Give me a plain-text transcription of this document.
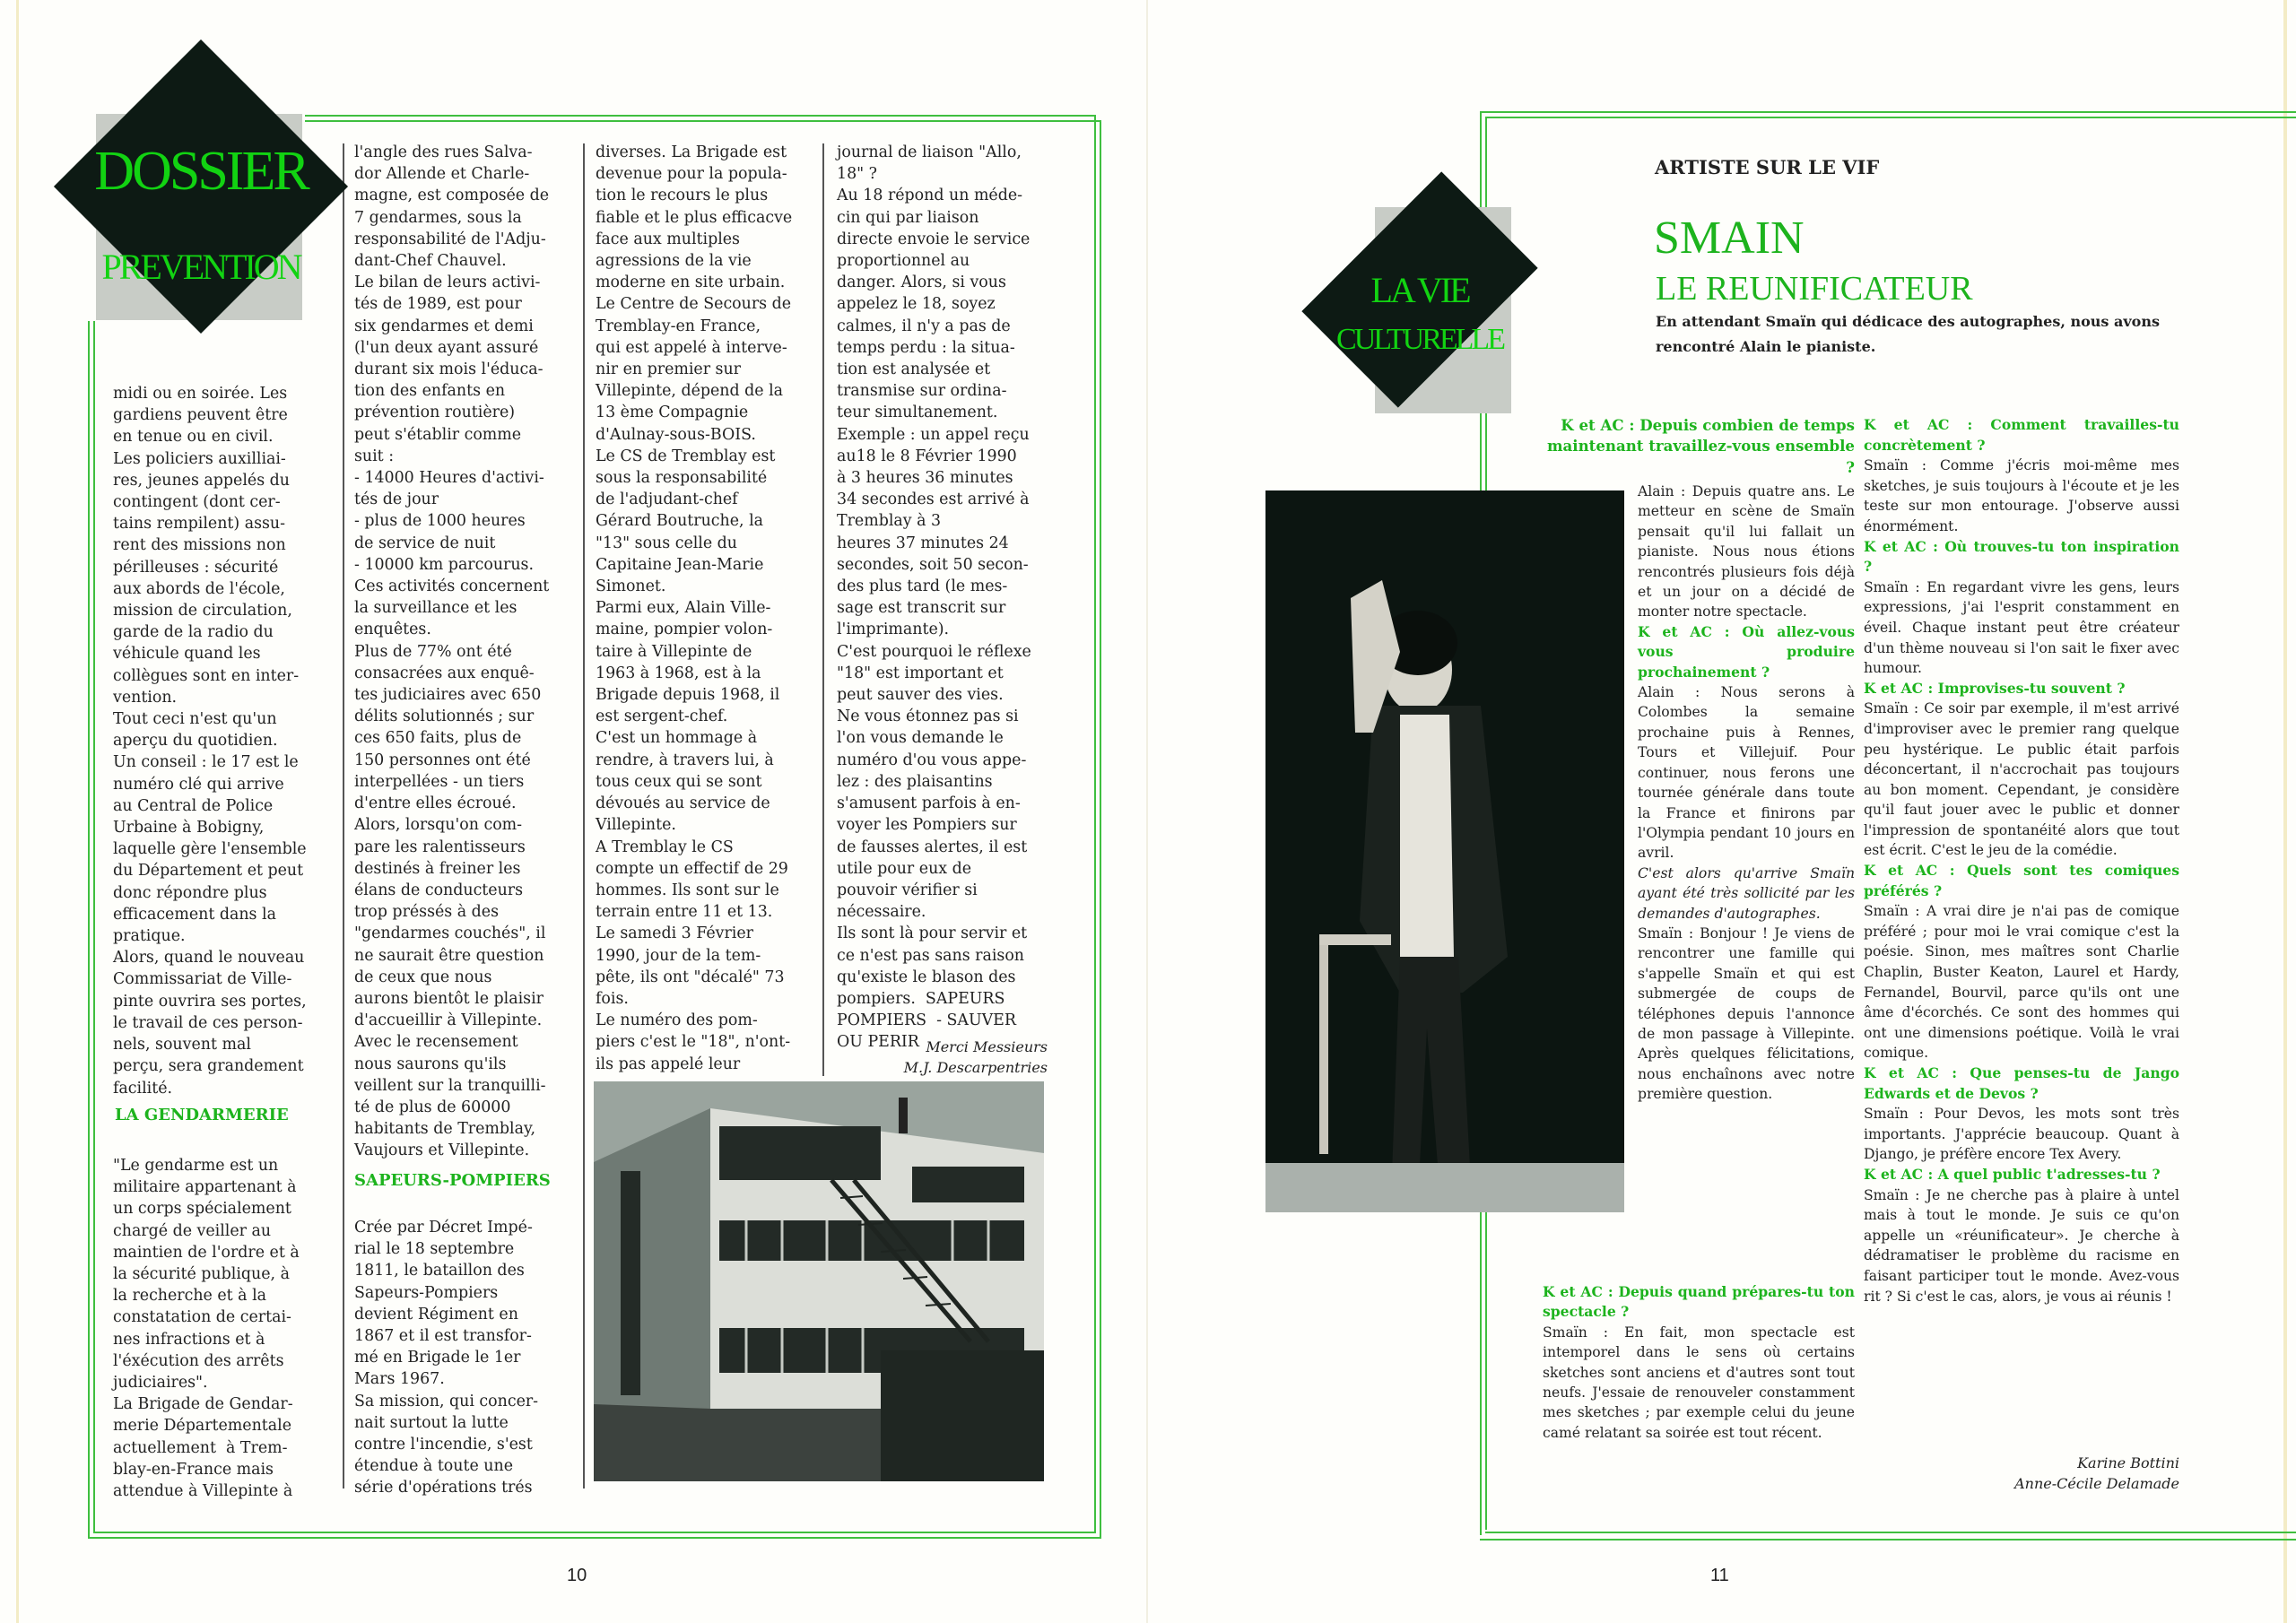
DOSSIER
PREVENTION
midi ou en soirée. Les
gardiens peuvent être
en tenue ou en civil.
Les policiers auxilliai-
res, jeunes appelés du
contingent (dont cer-
tains rempilent) assu-
rent des missions non
périlleuses : sécurité
aux abords de l'école,
mission de circulation,
garde de la radio du
véhicule quand les
collègues sont en inter-
vention.
Tout ceci n'est qu'un
aperçu du quotidien.
Un conseil : le 17 est le
numéro clé qui arrive
au Central de Police
Urbaine à Bobigny,
laquelle gère l'ensemble
du Département et peut
donc répondre plus
efficacement dans la
pratique.
Alors, quand le nouveau
Commissariat de Ville-
pinte ouvrira ses portes,
le travail de ces person-
nels, souvent mal
perçu, sera grandement
facilité.
LA GENDARMERIE
"Le gendarme est un
militaire appartenant à
un corps spécialement
chargé de veiller au
maintien de l'ordre et à
la sécurité publique, à
la recherche et à la
constatation de certai-
nes infractions et à
l'éxécution des arrêts
judiciaires".
La Brigade de Gendar-
merie Départementale
actuellement  à Trem-
blay-en-France mais
attendue à Villepinte à
l'angle des rues Salva-
dor Allende et Charle-
magne, est composée de
7 gendarmes, sous la
responsabilité de l'Adju-
dant-Chef Chauvel.
Le bilan de leurs activi-
tés de 1989, est pour
six gendarmes et demi
(l'un deux ayant assuré
durant six mois l'éduca-
tion des enfants en
prévention routière)
peut s'établir comme
suit :
- 14000 Heures d'activi-
tés de jour
- plus de 1000 heures
de service de nuit
- 10000 km parcourus.
Ces activités concernent
la surveillance et les
enquêtes.
Plus de 77% ont été
consacrées aux enquê-
tes judiciaires avec 650
délits solutionnés ; sur
ces 650 faits, plus de
150 personnes ont été
interpellées - un tiers
d'entre elles écroué.
Alors, lorsqu'on com-
pare les ralentisseurs
destinés à freiner les
élans de conducteurs
trop préssés à des
"gendarmes couchés", il
ne saurait être question
de ceux que nous
aurons bientôt le plaisir
d'accueillir à Villepinte.
Avec le recensement
nous saurons qu'ils
veillent sur la tranquilli-
té de plus de 60000
habitants de Tremblay,
Vaujours et Villepinte.
SAPEURS-POMPIERS
Crée par Décret Impé-
rial le 18 septembre
1811, le bataillon des
Sapeurs-Pompiers
devient Régiment en
1867 et il est transfor-
mé en Brigade le 1er
Mars 1967.
Sa mission, qui concer-
nait surtout la lutte
contre l'incendie, s'est
étendue à toute une
série d'opérations trés
diverses. La Brigade est
devenue pour la popula-
tion le recours le plus
fiable et le plus efficacve
face aux multiples
agressions de la vie
moderne en site urbain.
Le Centre de Secours de
Tremblay-en France,
qui est appelé à interve-
nir en premier sur
Villepinte, dépend de la
13 ème Compagnie
d'Aulnay-sous-BOIS.
Le CS de Tremblay est
sous la responsabilité
de l'adjudant-chef
Gérard Boutruche, la
"13" sous celle du
Capitaine Jean-Marie
Simonet.
Parmi eux, Alain Ville-
maine, pompier volon-
taire à Villepinte de
1963 à 1968, est à la
Brigade depuis 1968, il
est sergent-chef.
C'est un hommage à
rendre, à travers lui, à
tous ceux qui se sont
dévoués au service de
Villepinte.
A Tremblay le CS
compte un effectif de 29
hommes. Ils sont sur le
terrain entre 11 et 13.
Le samedi 3 Février
1990, jour de la tem-
pête, ils ont "décalé" 73
fois.
Le numéro des pom-
piers c'est le "18", n'ont-
ils pas appelé leur
journal de liaison "Allo,
18" ?
Au 18 répond un méde-
cin qui par liaison
directe envoie le service
proportionnel au
danger. Alors, si vous
appelez le 18, soyez
calmes, il n'y a pas de
temps perdu : la situa-
tion est analysée et
transmise sur ordina-
teur simultanement.
Exemple : un appel reçu
au18 le 8 Février 1990
à 3 heures 36 minutes
34 secondes est arrivé à
Tremblay à 3
heures 37 minutes 24
secondes, soit 50 secon-
des plus tard (le mes-
sage est transcrit sur
l'imprimante).
C'est pourquoi le réflexe
"18" est important et
peut sauver des vies.
Ne vous étonnez pas si
l'on vous demande le
numéro d'ou vous appe-
lez : des plaisantins
s'amusent parfois à en-
voyer les Pompiers sur
de fausses alertes, il est
utile pour eux de
pouvoir vérifier si
nécessaire.
Ils sont là pour servir et
ce n'est pas sans raison
qu'existe le blason des
pompiers.  SAPEURS
POMPIERS  - SAUVER
OU PERIR Merci Messieurs
M.J. Descarpentries
10
LA VIE
CULTURELLE
ARTISTE SUR LE VIF
SMAIN
LE REUNIFICATEUR
En attendant Smaïn qui dédicace des autographes, nous avons rencontré Alain le pianiste.

K et AC : Depuis combien de temps maintenant travaillez-vous ensemble ?

Alain : Depuis quatre ans. Le metteur en scène de Smaïn pensait qu'il lui fallait un pianiste. Nous nous étions rencontrés plusieurs fois déjà et un jour on a décidé de monter notre spectacle.

K et AC : Où allez-vous vous produire prochainement ?

Alain : Nous serons à Colombes la semaine prochaine puis à Rennes, Tours et Villejuif. Pour continuer, nous ferons une tournée générale dans toute la France et finirons par l'Olympia pendant 10 jours en avril.

C'est alors qu'arrive Smaïn ayant été très sollicité par les demandes d'autographes.

Smaïn : Bonjour ! Je viens de rencontrer une famille qui s'appelle Smaïn et qui est submergée de coups de téléphones depuis l'annonce de mon passage à Villepinte. Après quelques félicitations, nous enchaînons avec notre première question.

K et AC : Depuis quand prépares-tu ton spectacle ?

Smaïn : En fait, mon spectacle est intemporel dans le sens où certains sketches sont anciens et d'autres sont tout neufs. J'essaie de renouveler constamment mes sketches ; par exemple celui du jeune camé relatant sa soirée est tout récent.

K et AC : Comment travailles-tu concrètement ?

Smaïn : Comme j'écris moi-même mes sketches, je suis toujours à l'écoute et je les teste sur mon entourage. J'observe aussi énormément.

K et AC : Où trouves-tu ton inspiration ?

Smaïn : En regardant vivre les gens, leurs expressions, j'ai l'esprit constamment en éveil. Chaque instant peut être créateur d'un thème nouveau si l'on sait le fixer avec humour.

K et AC : Improvises-tu souvent ?

Smaïn : Ce soir par exemple, il m'est arrivé d'improviser avec le premier rang quelque peu hystérique. Le public était parfois déconcertant, il n'accrochait pas toujours au bon moment. Cependant, je considère qu'il faut jouer avec le public et donner l'impression de spontanéité alors que tout est écrit. C'est le jeu de la comédie.

K et AC : Quels sont tes comiques préférés ?

Smaïn : A vrai dire je n'ai pas de comique préféré ; pour moi le vrai comique c'est la poésie. Sinon, mes maîtres sont Charlie Chaplin, Buster Keaton, Laurel et Hardy, Fernandel, Bourvil, parce qu'ils ont une âme d'écorchés. Ce sont des hommes qui ont une dimensions poétique. Voilà le vrai comique.

K et AC : Que penses-tu de Jango Edwards et de Devos ?

Smaïn : Pour Devos, les mots sont très importants. J'apprécie beaucoup. Quant à Django, je préfère encore Tex Avery.

K et AC : A quel public t'adresses-tu ?

Smaïn : Je ne cherche pas à plaire à untel mais à tout le monde. Je suis ce qu'on appelle un «réunificateur». Je cherche à dédramatiser le problème du racisme en faisant participer tout le monde. Avez-vous rit ? Si c'est le cas, alors, je vous ai réunis !

Karine Bottini
Anne-Cécile Delamade
11
